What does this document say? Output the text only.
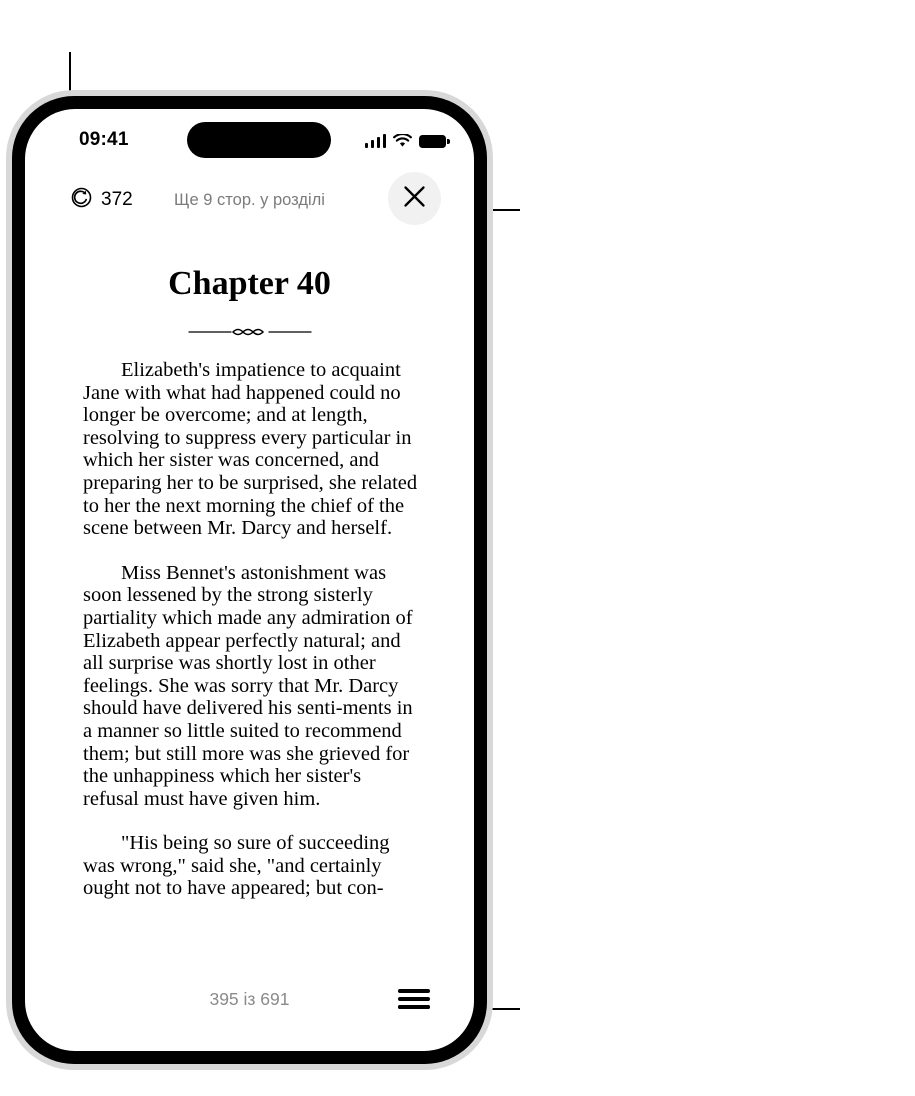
09:41
372	Ще 9 стор. у розділі
Chapter 40

Elizabeth's impatience to acquaint Jane with what had happened could no longer be overcome; and at length, resolving to suppress every particular in which her sister was concerned, and preparing her to be surprised, she related to her the next morning the chief of the scene between Mr. Darcy and herself.

Miss Bennet's astonishment was soon lessened by the strong sisterly partiality which made any admiration of Elizabeth appear perfectly natural; and all surprise was shortly lost in other feelings. She was sorry that Mr. Darcy should have delivered his senti-ments in a manner so little suited to recommend them; but still more was she grieved for the unhappiness which her sister's refusal must have given him.

"His being so sure of succeeding was wrong," said she, "and certainly ought not to have appeared; but con-

395 із 691
